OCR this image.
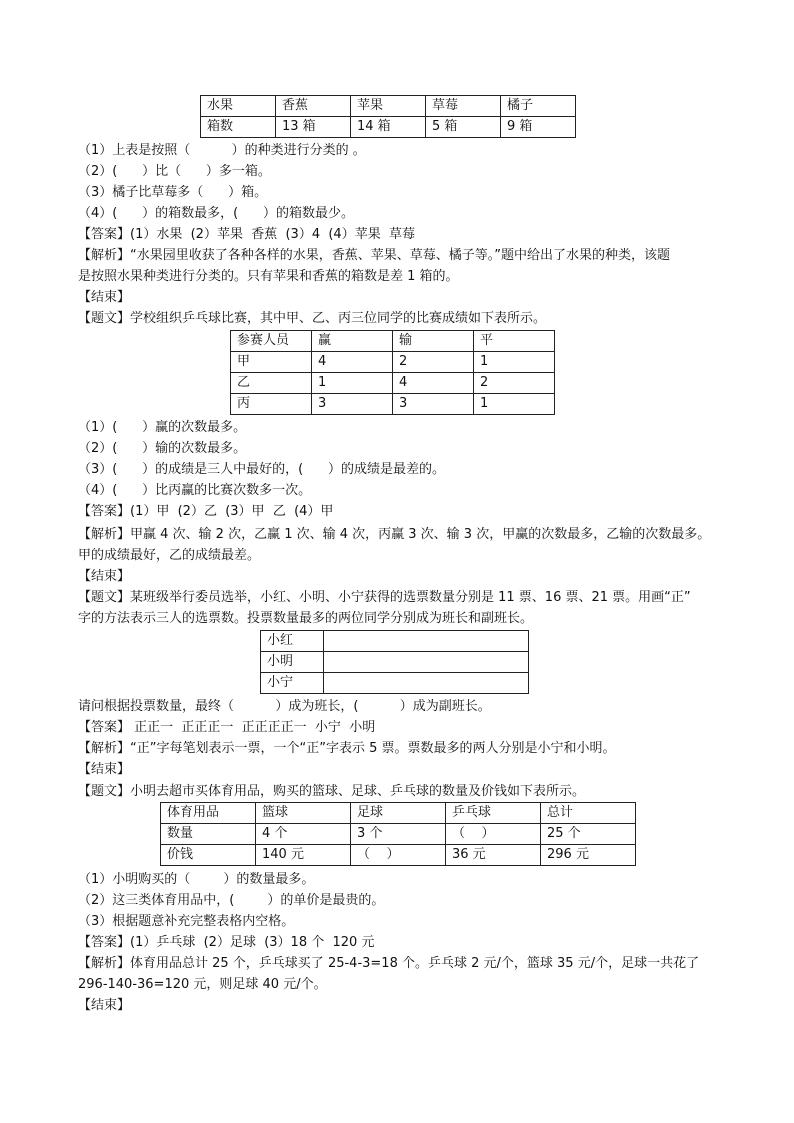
水果	香蕉	苹果	草莓	橘子
箱数	13 箱	14 箱	5 箱	9 箱
（1）上表是按照（          ）的种类进行分类的 。
（2）(      ）比（      ）多一箱。
（3）橘子比草莓多（      ）箱。
（4）(      ）的箱数最多，(      ）的箱数最少。
【答案】(1）水果  (2）苹果  香蕉  (3）4  (4）苹果  草莓
【解析】“水果园里收获了各种各样的水果，香蕉、苹果、草莓、橘子等。”题中给出了水果的种类，该题
是按照水果种类进行分类的。只有苹果和香蕉的箱数是差 1 箱的。
【结束】
【题文】学校组织乒乓球比赛，其中甲、乙、丙三位同学的比赛成绩如下表所示。
参赛人员	赢	输	平
甲	4	2	1
乙	1	4	2
丙	3	3	1
（1）(      ）赢的次数最多。
（2）(      ）输的次数最多。
（3）(      ）的成绩是三人中最好的，(      ）的成绩是最差的。
（4）(      ）比丙赢的比赛次数多一次。
【答案】(1）甲  (2）乙  (3）甲  乙  (4）甲
【解析】甲赢 4 次、输 2 次，乙赢 1 次、输 4 次，丙赢 3 次、输 3 次，甲赢的次数最多，乙输的次数最多。
甲的成绩最好，乙的成绩最差。
【结束】
【题文】某班级举行委员选举，小红、小明、小宁获得的选票数量分别是 11 票、16 票、21 票。用画“正”
字的方法表示三人的选票数。投票数量最多的两位同学分别成为班长和副班长。
小红	
小明	
小宁	
请问根据投票数量，最终（          ）成为班长，(          ）成为副班长。
【答案】 正正一  正正正一  正正正正一  小宁  小明
【解析】“正”字每笔划表示一票，一个“正”字表示 5 票。票数最多的两人分别是小宁和小明。
【结束】
【题文】小明去超市买体育用品，购买的篮球、足球、乒乓球的数量及价钱如下表所示。
体育用品	篮球	足球	乒乓球	总计
数量	4 个	3 个	（    ）	25 个
价钱	140 元	（    ）	36 元	296 元
（1）小明购买的（        ）的数量最多。
（2）这三类体育用品中，(        ）的单价是最贵的。
（3）根据题意补充完整表格内空格。
【答案】(1）乒乓球  (2）足球  (3）18 个  120 元
【解析】体育用品总计 25 个，乒乓球买了 25-4-3=18 个。乒乓球 2 元/个，篮球 35 元/个，足球一共花了
296-140-36=120 元，则足球 40 元/个。
【结束】
